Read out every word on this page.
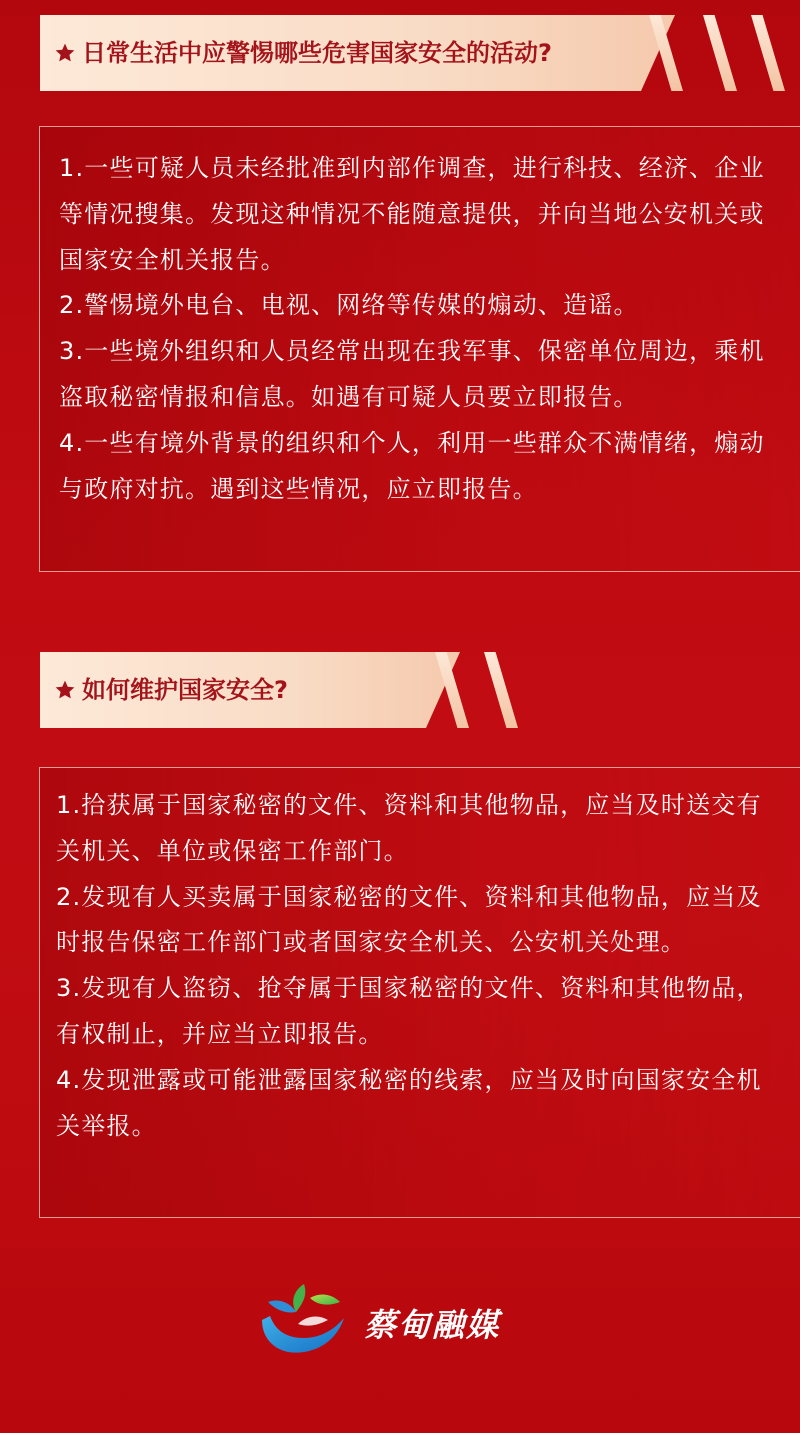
日常生活中应警惕哪些危害国家安全的活动?

1.一些可疑人员未经批准到内部作调查，进行科技、经济、企业等情况搜集。发现这种情况不能随意提供，并向当地公安机关或国家安全机关报告。

2.警惕境外电台、电视、网络等传媒的煽动、造谣。

3.一些境外组织和人员经常出现在我军事、保密单位周边，乘机盗取秘密情报和信息。如遇有可疑人员要立即报告。

4.一些有境外背景的组织和个人，利用一些群众不满情绪，煽动与政府对抗。遇到这些情况，应立即报告。

如何维护国家安全?

1.拾获属于国家秘密的文件、资料和其他物品，应当及时送交有关机关、单位或保密工作部门。

2.发现有人买卖属于国家秘密的文件、资料和其他物品，应当及时报告保密工作部门或者国家安全机关、公安机关处理。

3.发现有人盗窃、抢夺属于国家秘密的文件、资料和其他物品，有权制止，并应当立即报告。

4.发现泄露或可能泄露国家秘密的线索，应当及时向国家安全机关举报。

蔡甸融媒
